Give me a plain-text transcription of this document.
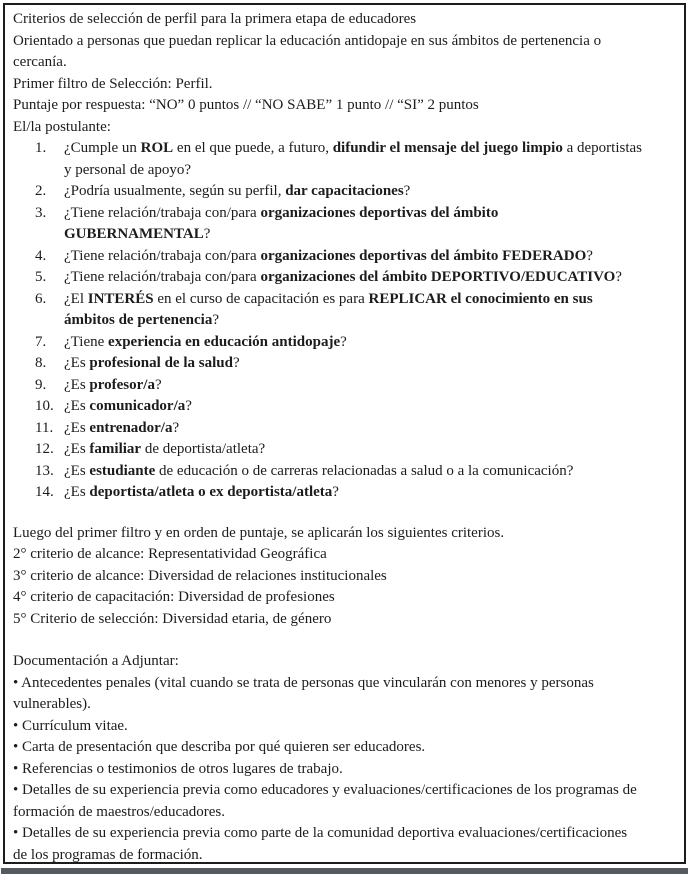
Criterios de selección de perfil para la primera etapa de educadores
Orientado a personas que puedan replicar la educación antidopaje en sus ámbitos de pertenencia o
cercanía.
Primer filtro de Selección: Perfil.
Puntaje por respuesta: “NO” 0 puntos // “NO SABE” 1 punto // “SI” 2 puntos
El/la postulante:
1. ¿Cumple un ROL en el que puede, a futuro, difundir el mensaje del juego limpio a deportistas
y personal de apoyo?
2. ¿Podría usualmente, según su perfil, dar capacitaciones?
3. ¿Tiene relación/trabaja con/para organizaciones deportivas del ámbito
GUBERNAMENTAL?
4. ¿Tiene relación/trabaja con/para organizaciones deportivas del ámbito FEDERADO?
5. ¿Tiene relación/trabaja con/para organizaciones del ámbito DEPORTIVO/EDUCATIVO?
6. ¿El INTERÉS en el curso de capacitación es para REPLICAR el conocimiento en sus
ámbitos de pertenencia?
7. ¿Tiene experiencia en educación antidopaje?
8. ¿Es profesional de la salud?
9. ¿Es profesor/a?
10. ¿Es comunicador/a?
11. ¿Es entrenador/a?
12. ¿Es familiar de deportista/atleta?
13. ¿Es estudiante de educación o de carreras relacionadas a salud o a la comunicación?
14. ¿Es deportista/atleta o ex deportista/atleta?
Luego del primer filtro y en orden de puntaje, se aplicarán los siguientes criterios.
2° criterio de alcance: Representatividad Geográfica
3° criterio de alcance: Diversidad de relaciones institucionales
4° criterio de capacitación: Diversidad de profesiones
5° Criterio de selección: Diversidad etaria, de género
Documentación a Adjuntar:
• Antecedentes penales (vital cuando se trata de personas que vincularán con menores y personas
vulnerables).
• Currículum vitae.
• Carta de presentación que describa por qué quieren ser educadores.
• Referencias o testimonios de otros lugares de trabajo.
• Detalles de su experiencia previa como educadores y evaluaciones/certificaciones de los programas de
formación de maestros/educadores.
• Detalles de su experiencia previa como parte de la comunidad deportiva evaluaciones/certificaciones
de los programas de formación.
